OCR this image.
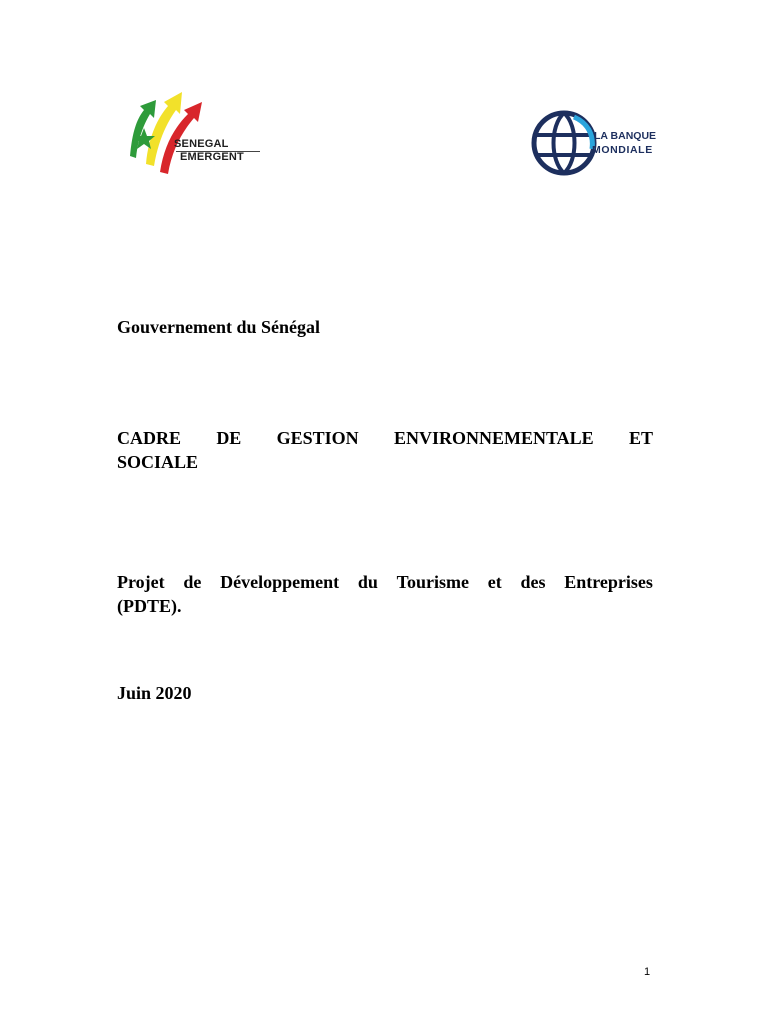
SENEGAL
EMERGENT
LA BANQUE
MONDIALE
Gouvernement du Sénégal
CADRE DE GESTION ENVIRONNEMENTALE ET
SOCIALE
Projet de Développement du Tourisme et des Entreprises
(PDTE).
Juin 2020
1
